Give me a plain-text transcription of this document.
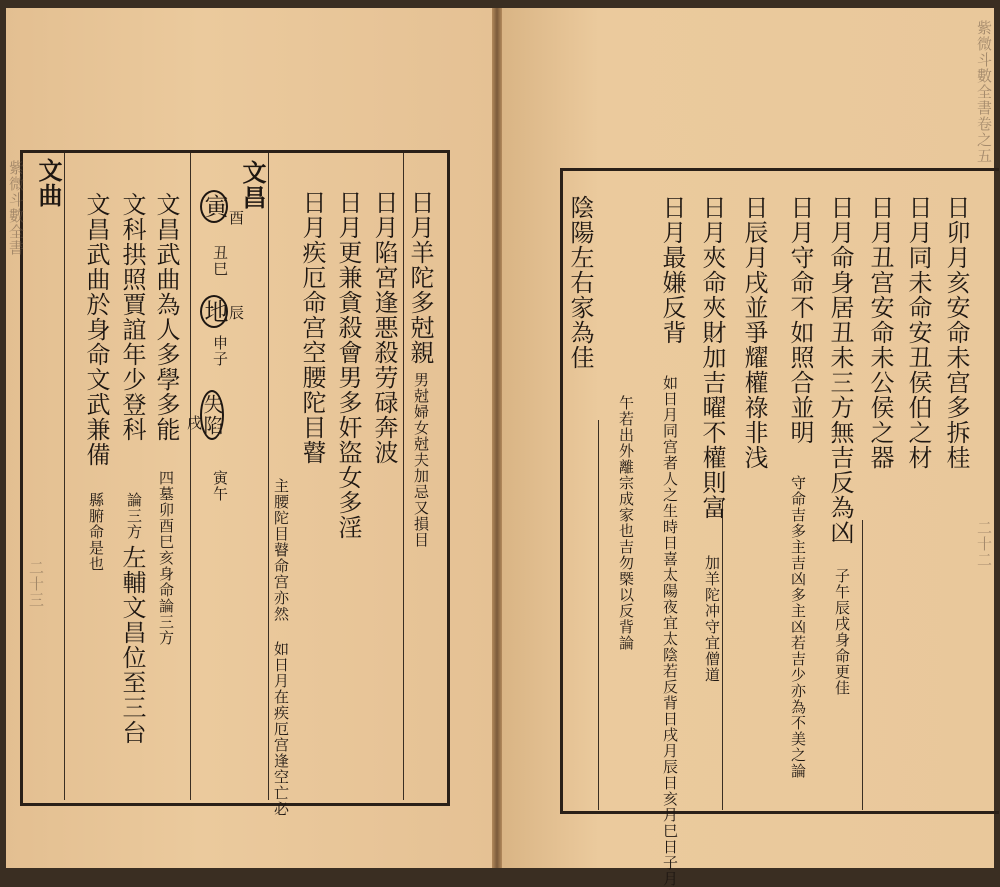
紫微斗數全書
二十三
日月羊陀多尅親
男尅婦女尅夫加忌又損目
日月陷宮逢悪殺劳碌奔波
日月更兼貪殺會男多奸盜女多淫
日月疾厄命宫空腰陀目瞽
主腰陀目瞽命宫亦然 如日月在疾厄宫逢空亡必
文昌
寅 酉
丑巳
地 辰
申子
失陷
戌
寅午
文昌武曲為人多學多能
四墓卯酉巳亥身命論三方
文科拱照賈誼年少登科
論三方
左輔文昌位至三台
文昌武曲於身命文武兼備
縣腑命是也
文曲
紫微斗數全書卷之五
二十二
日卯月亥安命未宫多拆桂
日月同未命安丑侯伯之材
日月丑宫安命未公侯之器
日月命身居丑未三方無吉反為凶
子午辰戌身命更佳
日月守命不如照合並明
守命吉多主吉凶多主凶若吉少亦為不美之論
日辰月戌並爭耀權祿非浅
日月夾命夾財加吉曜不權則富
加羊陀冲守宜僧道
日月最嫌反背
如日月同宫者人之生時日喜太陽夜宜太陰若反背日戌月辰日亥月巳日子月
午若出外離宗成家也吉勿槩以反背論
陰陽左右家為佳
